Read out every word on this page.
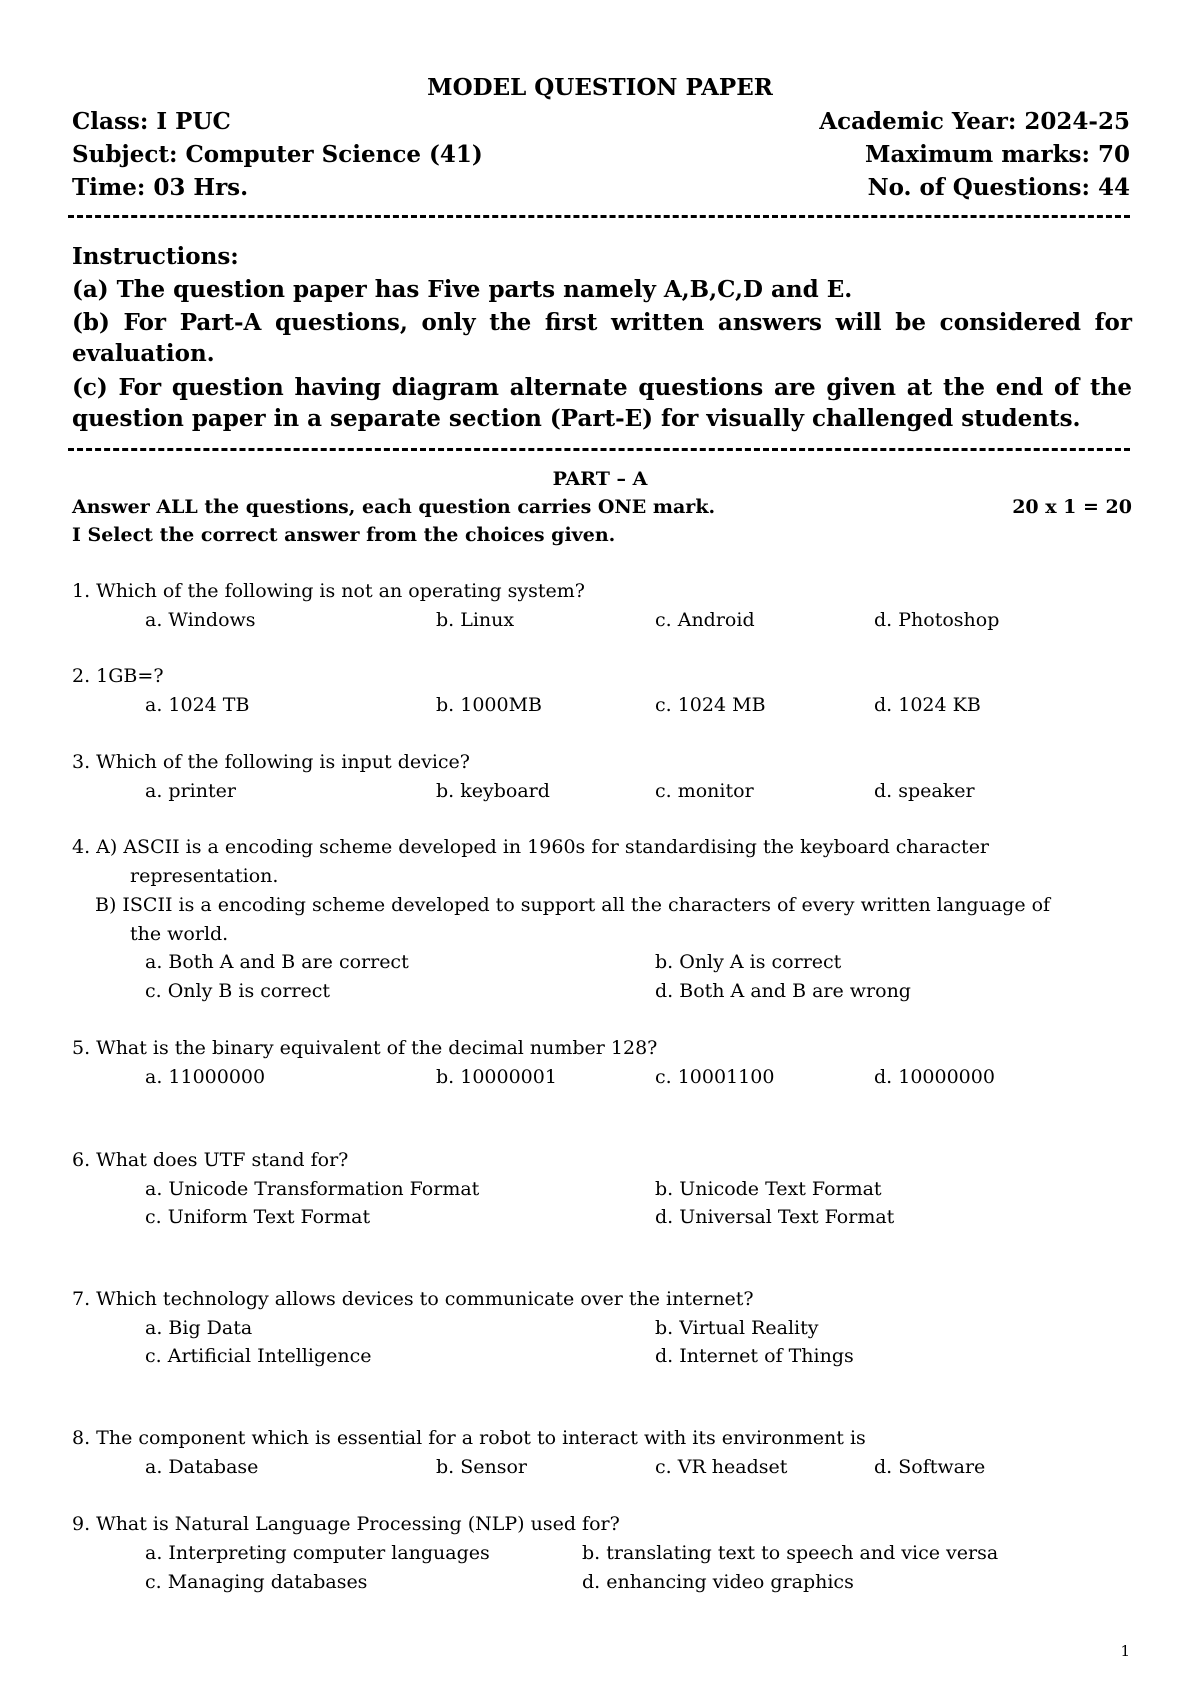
MODEL QUESTION PAPER
Class: I PUC	Academic Year: 2024-25
Subject: Computer Science (41)	Maximum marks: 70
Time: 03 Hrs.	No. of Questions: 44
Instructions:
(a) The question paper has Five parts namely A,B,C,D and E.
(b) For Part-A questions, only the first written answers will be considered for evaluation.
(c) For question having diagram alternate questions are given at the end of the question paper in a separate section (Part-E) for visually challenged students.
PART – A
Answer ALL the questions, each question carries ONE mark.	20 x 1 = 20
I Select the correct answer from the choices given.
1. Which of the following is not an operating system?
a. Windows	b. Linux	c. Android	d. Photoshop
2. 1GB=?
a. 1024 TB	b. 1000MB	c. 1024 MB	d. 1024 KB
3. Which of the following is input device?
a. printer	b. keyboard	c. monitor	d. speaker
4. A) ASCII is a encoding scheme developed in 1960s for standardising the keyboard character
representation.
B) ISCII is a encoding scheme developed to support all the characters of every written language of
the world.
a. Both A and B are correct	b. Only A is correct
c. Only B is correct	d. Both A and B are wrong
5. What is the binary equivalent of the decimal number 128?
a. 11000000	b. 10000001	c. 10001100	d. 10000000
6. What does UTF stand for?
a. Unicode Transformation Format	b. Unicode Text Format
c. Uniform Text Format	d. Universal Text Format
7. Which technology allows devices to communicate over the internet?
a. Big Data	b. Virtual Reality
c. Artificial Intelligence	d. Internet of Things
8. The component which is essential for a robot to interact with its environment is
a. Database	b. Sensor	c. VR headset	d. Software
9. What is Natural Language Processing (NLP) used for?
a. Interpreting computer languages	b. translating text to speech and vice versa
c. Managing databases	d. enhancing video graphics
1
